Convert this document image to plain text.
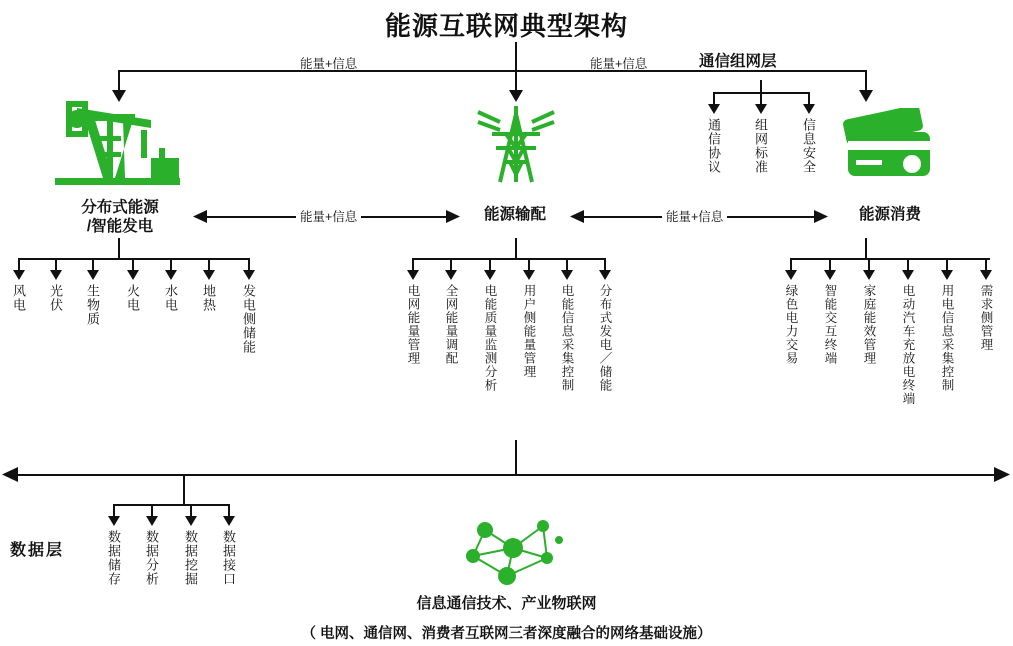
能源互联网典型架构
能量+信息	能量+信息	通信组网层
通信协议 组网标准	信息安全
分布式能源
/智能发电
能源输配	能源消费
能量+信息	能量+信息
风电 光伏 生物质 火电 水电 地热 发电侧储能	电网能量管理 全网能量调配 电能质量监测分析 用户侧能量管理 电能信息采集控制 分布式发电／储能	绿色电力交易 智能交互终端 家庭能效管理 电动汽车充放电终端 用电信息采集控制 需求侧管理
数据层	数据储存 数据分析 数据挖掘 数据接口
信息通信技术、产业物联网
（ 电网、通信网、消费者互联网三者深度融合的网络基础设施）
